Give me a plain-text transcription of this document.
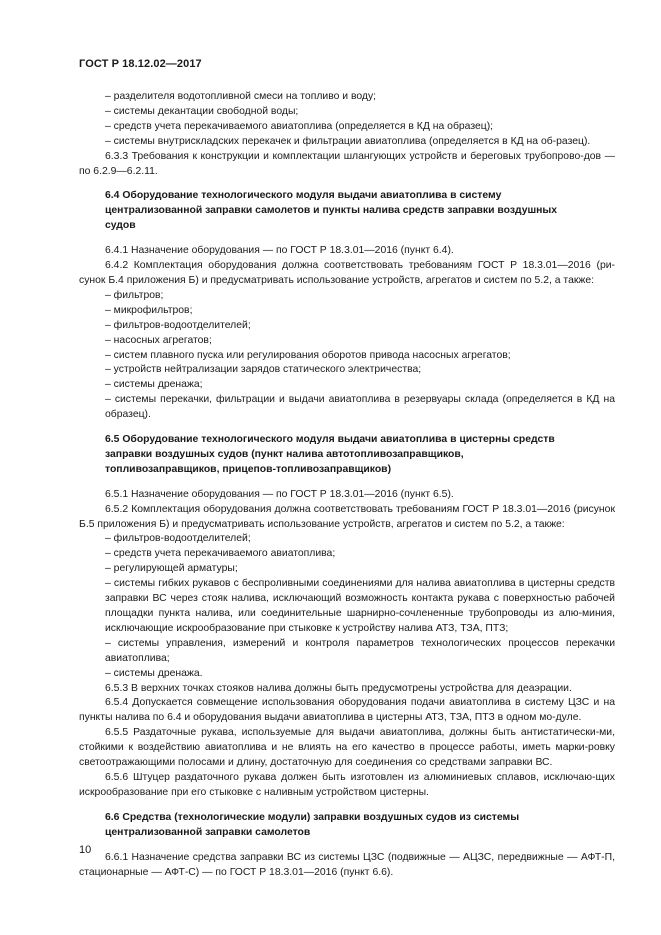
ГОСТ Р 18.12.02—2017

– разделителя водотопливной смеси на топливо и воду;

– системы декантации свободной воды;

– средств учета перекачиваемого авиатоплива (определяется в КД на образец);

– системы внутрискладских перекачек и фильтрации авиатоплива (определяется в КД на об-разец).

6.3.3 Требования к конструкции и комплектации шлангующих устройств и береговых трубопрово-дов — по 6.2.9—6.2.11.

6.4 Оборудование технологического модуля выдачи авиатоплива в систему централизованной заправки самолетов и пункты налива средств заправки воздушных судов

6.4.1 Назначение оборудования — по ГОСТ Р 18.3.01—2016 (пункт 6.4).

6.4.2 Комплектация оборудования должна соответствовать требованиям ГОСТ Р 18.3.01—2016 (ри-сунок Б.4 приложения Б) и предусматривать использование устройств, агрегатов и систем по 5.2, а также:

– фильтров;

– микрофильтров;

– фильтров-водоотделителей;

– насосных агрегатов;

– систем плавного пуска или регулирования оборотов привода насосных агрегатов;

– устройств нейтрализации зарядов статического электричества;

– системы дренажа;

– системы перекачки, фильтрации и выдачи авиатоплива в резервуары склада (определяется в КД на образец).

6.5 Оборудование технологического модуля выдачи авиатоплива в цистерны средств заправки воздушных судов (пункт налива автотопливозаправщиков, топливозаправщиков, прицепов-топливозаправщиков)

6.5.1 Назначение оборудования — по ГОСТ Р 18.3.01—2016 (пункт 6.5).

6.5.2 Комплектация оборудования должна соответствовать требованиям ГОСТ Р 18.3.01—2016 (рисунок Б.5 приложения Б) и предусматривать использование устройств, агрегатов и систем по 5.2, а также:

– фильтров-водоотделителей;

– средств учета перекачиваемого авиатоплива;

– регулирующей арматуры;

– системы гибких рукавов с беспроливными соединениями для налива авиатоплива в цистерны средств заправки ВС через стояк налива, исключающий возможность контакта рукава с поверхностью рабочей площадки пункта налива, или соединительные шарнирно-сочлененные трубопроводы из алю-миния, исключающие искрообразование при стыковке к устройству налива АТЗ, ТЗА, ПТЗ;

– системы управления, измерений и контроля параметров технологических процессов перекачки авиатоплива;

– системы дренажа.

6.5.3 В верхних точках стояков налива должны быть предусмотрены устройства для деаэрации.

6.5.4 Допускается совмещение использования оборудования подачи авиатоплива в систему ЦЗС и на пункты налива по 6.4 и оборудования выдачи авиатоплива в цистерны АТЗ, ТЗА, ПТЗ в одном мо-дуле.

6.5.5 Раздаточные рукава, используемые для выдачи авиатоплива, должны быть антистатически-ми, стойкими к воздействию авиатоплива и не влиять на его качество в процессе работы, иметь марки-ровку светоотражающими полосами и длину, достаточную для соединения со средствами заправки ВС.

6.5.6 Штуцер раздаточного рукава должен быть изготовлен из алюминиевых сплавов, исключаю-щих искрообразование при его стыковке с наливным устройством цистерны.

6.6 Средства (технологические модули) заправки воздушных судов из системы централизованной заправки самолетов

6.6.1 Назначение средства заправки ВС из системы ЦЗС (подвижные — АЦЗС, передвижные — АФТ-П, стационарные — АФТ-С) — по ГОСТ Р 18.3.01—2016 (пункт 6.6).

10
